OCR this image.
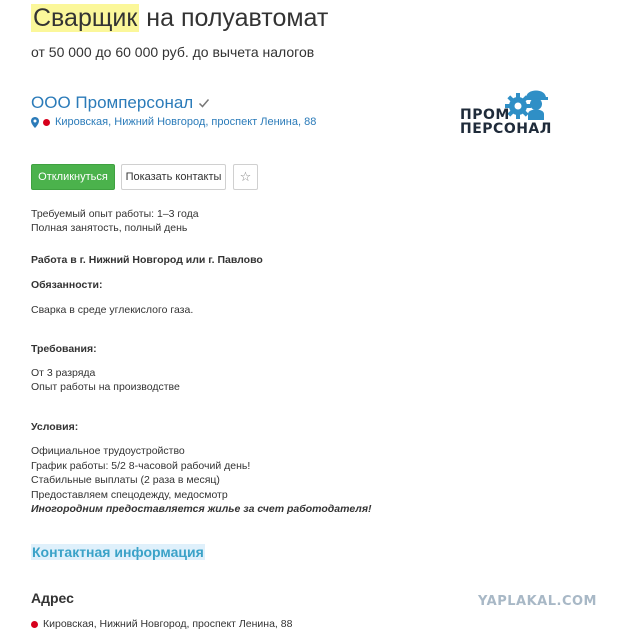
Сварщик на полуавтомат
от 50 000 до 60 000 руб. до вычета налогов
ООО Промперсонал
Кировская, Нижний Новгород, проспект Ленина, 88	ПРОМ
ПЕРСОНАЛ
Откликнуться	Показать контакты	☆
Требуемый опыт работы: 1–3 года
Полная занятость, полный день
Работа в г. Нижний Новгород или г. Павлово
Обязанности:
Сварка в среде углекислого газа.
Требования:
От 3 разряда
Опыт работы на производстве
Условия:
Официальное трудоустройство
График работы: 5/2 8-часовой рабочий день!
Стабильные выплаты (2 раза в месяц)
Предоставляем спецодежду, медосмотр
Иногородним предоставляется жилье за счет работодателя!
Контактная информация
Адрес
Кировская, Нижний Новгород, проспект Ленина, 88
YAPLAKAL.COM
